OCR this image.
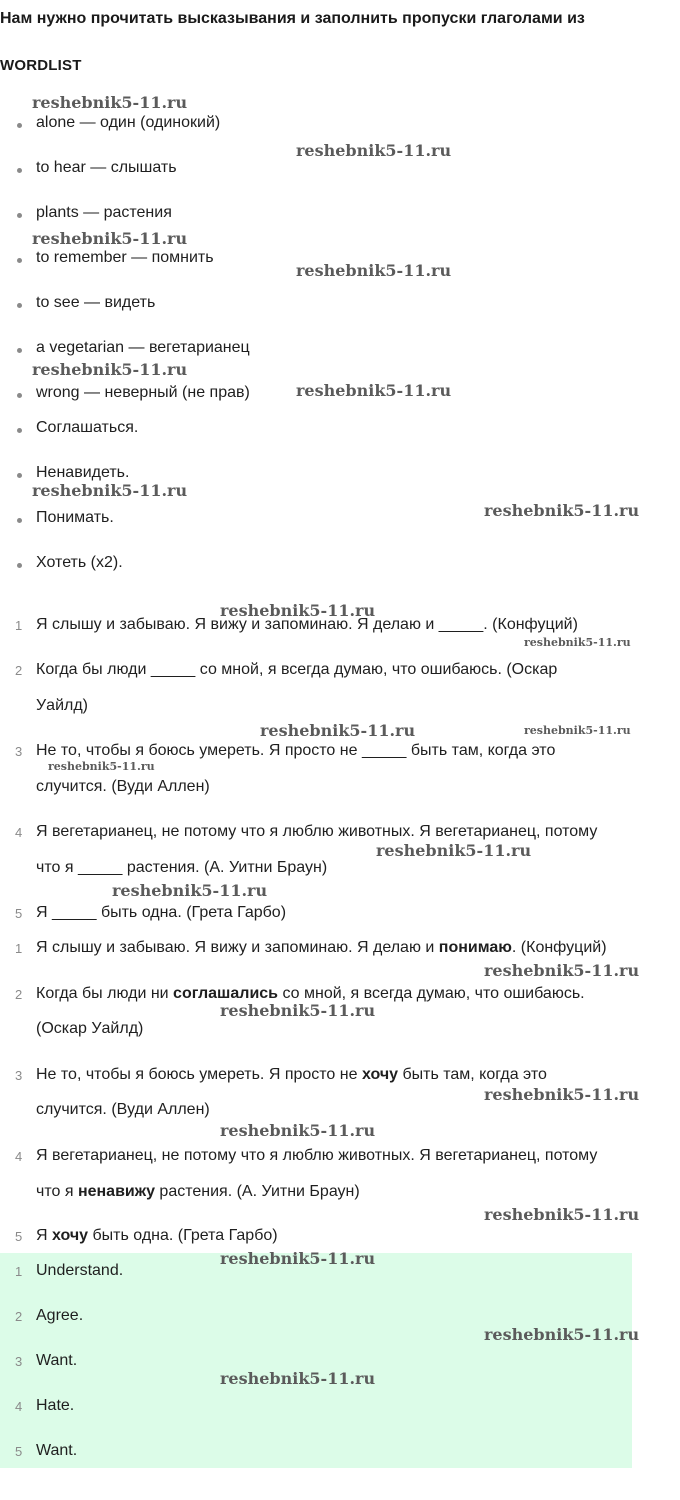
Нам нужно прочитать высказывания и заполнить пропуски глаголами из
WORDLIST
alone — один (одинокий)
to hear — слышать
plants — растения
to remember — помнить
to see — видеть
a vegetarian — вегетарианец
wrong — неверный (не прав)
Соглашаться.
Ненавидеть.
Понимать.
Хотеть (х2).
1 Я слышу и забываю. Я вижу и запоминаю. Я делаю и _____. (Конфуций)
2 Когда бы люди _____ со мной, я всегда думаю, что ошибаюсь. (Оскар
Уайлд)
3 Не то, чтобы я боюсь умереть. Я просто не _____ быть там, когда это
случится. (Вуди Аллен)
4 Я вегетарианец, не потому что я люблю животных. Я вегетарианец, потому
что я _____ растения. (А. Уитни Браун)
5 Я _____ быть одна. (Грета Гарбо)
1 Я слышу и забываю. Я вижу и запоминаю. Я делаю и понимаю. (Конфуций)
2 Когда бы люди ни соглашались со мной, я всегда думаю, что ошибаюсь.
(Оскар Уайлд)
3 Не то, чтобы я боюсь умереть. Я просто не хочу быть там, когда это
случится. (Вуди Аллен)
4 Я вегетарианец, не потому что я люблю животных. Я вегетарианец, потому
что я ненавижу растения. (А. Уитни Браун)
5 Я хочу быть одна. (Грета Гарбо)
1 Understand.
2 Agree.
3 Want.
4 Hate.
5 Want.
reshebnik5-11.ru
reshebnik5-11.ru
reshebnik5-11.ru
reshebnik5-11.ru
reshebnik5-11.ru
reshebnik5-11.ru
reshebnik5-11.ru
reshebnik5-11.ru
reshebnik5-11.ru
reshebnik5-11.ru
reshebnik5-11.ru	reshebnik5-11.ru
reshebnik5-11.ru
reshebnik5-11.ru
reshebnik5-11.ru
reshebnik5-11.ru
reshebnik5-11.ru
reshebnik5-11.ru
reshebnik5-11.ru
reshebnik5-11.ru
reshebnik5-11.ru
reshebnik5-11.ru
reshebnik5-11.ru
